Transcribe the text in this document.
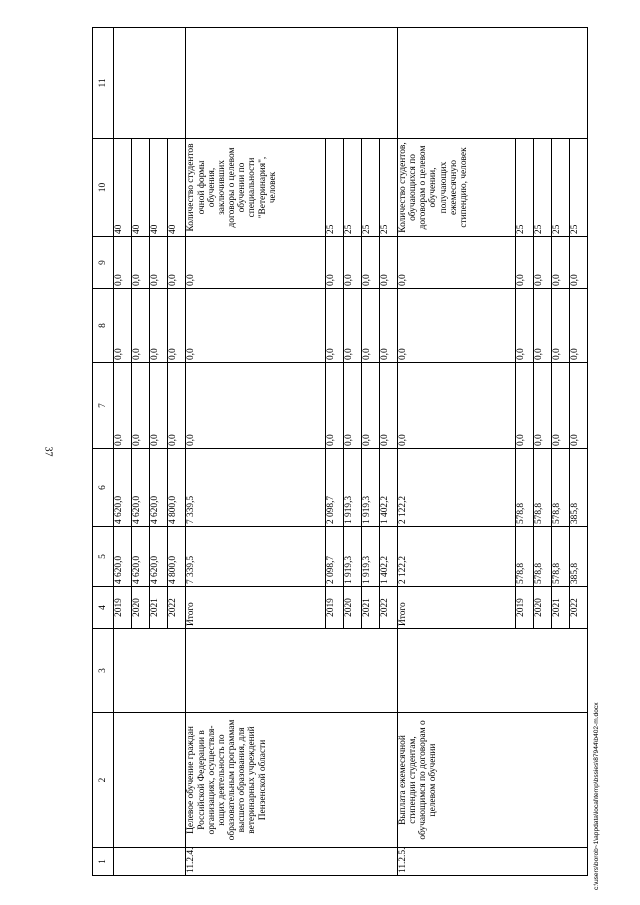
37
1	2	3	4	5	6	7	8	9	10	11
			2019	4 620,0	4 620,0	0,0	0,0	0,0	40	
			2020	4 620,0	4 620,0	0,0	0,0	0,0	40	
			2021	4 620,0	4 620,0	0,0	0,0	0,0	40	
			2022	4 800,0	4 800,0	0,0	0,0	0,0	40	
11.2.4.	Целевое обучение граждан Российской Федерации в организациях, осуществля-ющих деятельность по образовательным программам высшего образования, для ветеринарных учреждений Пензенской области		Итого	7 339,5	7 339,5	0,0	0,0	0,0	Количество студентов очной формы обучения, заключивших договоры о целевом обучении по специальности "Ветеринария", человек	
			2019	2 098,7	2 098,7	0,0	0,0	0,0	25	
			2020	1 919,3	1 919,3	0,0	0,0	0,0	25	
			2021	1 919,3	1 919,3	0,0	0,0	0,0	25	
			2022	1 402,2	1 402,2	0,0	0,0	0,0	25	
11.2.5.	Выплата ежемесячной стипендии студентам, обучающимся по договорам о целевом обучении		Итого	2 122,2	2 122,2	0,0	0,0	0,0	Количество студентов, обучающихся по договорам о целевом обучении, получающих ежемесячную стипендию, человек	
			2019	578,8	578,8	0,0	0,0	0,0	25	
			2020	578,8	578,8	0,0	0,0	0,0	25	
			2021	578,8	578,8	0,0	0,0	0,0	25	
			2022	385,8	385,8	0,0	0,0	0,0	25	
c:\users\borob~1\appdata\local\temp\bssies\87944\b402-m.docx
